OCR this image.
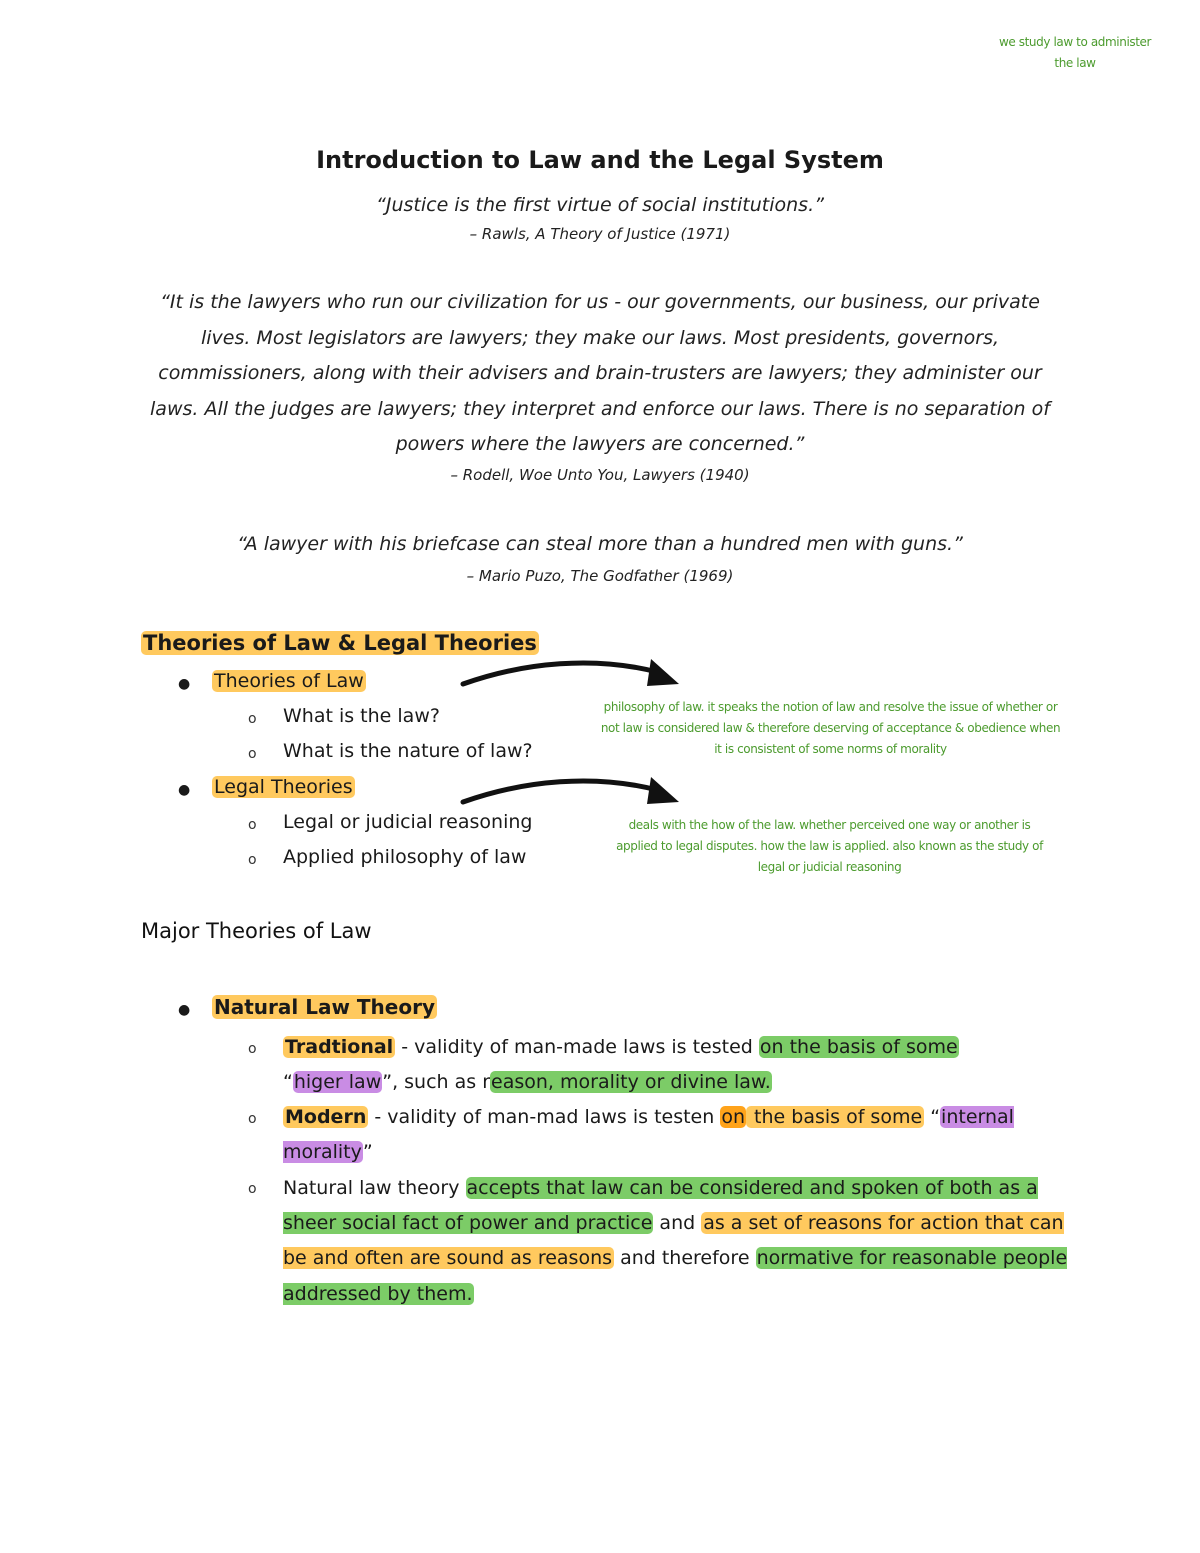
we study law to administer the law
Introduction to Law and the Legal System
“Justice is the first virtue of social institutions.”
– Rawls, A Theory of Justice (1971)
“It is the lawyers who run our civilization for us - our governments, our business, our private lives. Most legislators are lawyers; they make our laws. Most presidents, governors, commissioners, along with their advisers and brain-trusters are lawyers; they administer our laws. All the judges are lawyers; they interpret and enforce our laws. There is no separation of powers where the lawyers are concerned.”
– Rodell, Woe Unto You, Lawyers (1940)
“A lawyer with his briefcase can steal more than a hundred men with guns.”
– Mario Puzo, The Godfather (1969)
Theories of Law & Legal Theories
● Theories of Law
o What is the law?
o What is the nature of law?
● Legal Theories
o Legal or judicial reasoning
o Applied philosophy of law
philosophy of law. it speaks the notion of law and resolve the issue of whether or not law is considered law & therefore deserving of acceptance & obedience when it is consistent of some norms of morality
deals with the how of the law. whether perceived one way or another is applied to legal disputes. how the law is applied. also known as the study of legal or judicial reasoning
Major Theories of Law
● Natural Law Theory
o Tradtional - validity of man-made laws is tested on the basis of some
“higer law”, such as reason, morality or divine law.
o Modern - validity of man-mad laws is testen on the basis of some “internal morality”
o Natural law theory accepts that law can be considered and spoken of both as a sheer social fact of power and practice and as a set of reasons for action that can be and often are sound as reasons and therefore normative for reasonable people addressed by them.
